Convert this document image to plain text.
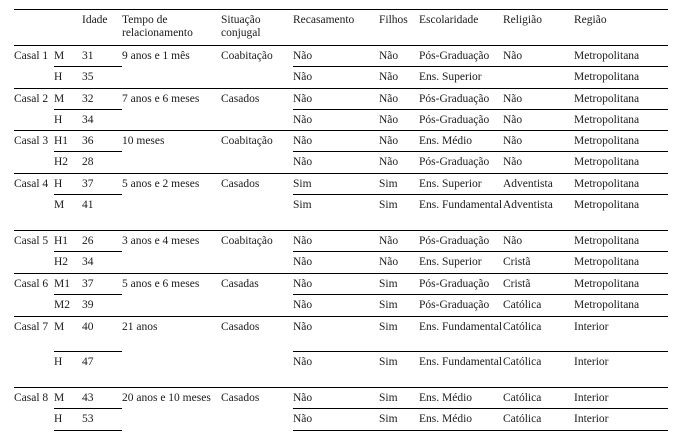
		Idade	Tempo de relacionamento	Situação conjugal	Recasamento	Filhos	Escolaridade	Religião	Região
Casal 1	M	31	9 anos e 1 mês	Coabitação	Não	Não	Pós-Graduação	Não	Metropolitana
	H	35			Não	Não	Ens. Superior		Metropolitana
Casal 2	M	32	7 anos e 6 meses	Casados	Não	Não	Pós-Graduação	Não	Metropolitana
	H	34			Não	Não	Pós-Graduação	Não	Metropolitana
Casal 3	H1	36	10 meses	Coabitação	Não	Não	Ens. Médio	Não	Metropolitana
	H2	28			Não	Não	Pós-Graduação	Não	Metropolitana
Casal 4	H	37	5 anos e 2 meses	Casados	Sim	Sim	Ens. Superior	Adventista	Metropolitana
	M	41			Sim	Sim	Ens. Fundamental	Adventista	Metropolitana
Casal 5	H1	26	3 anos e 4 meses	Coabitação	Não	Não	Pós-Graduação	Não	Metropolitana
	H2	34			Não	Não	Ens. Superior	Cristã	Metropolitana
Casal 6	M1	37	5 anos e 6 meses	Casadas	Não	Sim	Pós-Graduação	Cristã	Metropolitana
	M2	39			Não	Sim	Pós-Graduação	Católica	Metropolitana
Casal 7	M	40	21 anos	Casados	Não	Sim	Ens. Fundamental	Católica	Interior
	H	47			Não	Sim	Ens. Fundamental	Católica	Interior
Casal 8	M	43	20 anos e 10 meses	Casados	Não	Sim	Ens. Médio	Católica	Interior
	H	53			Não	Sim	Ens. Médio	Católica	Interior
